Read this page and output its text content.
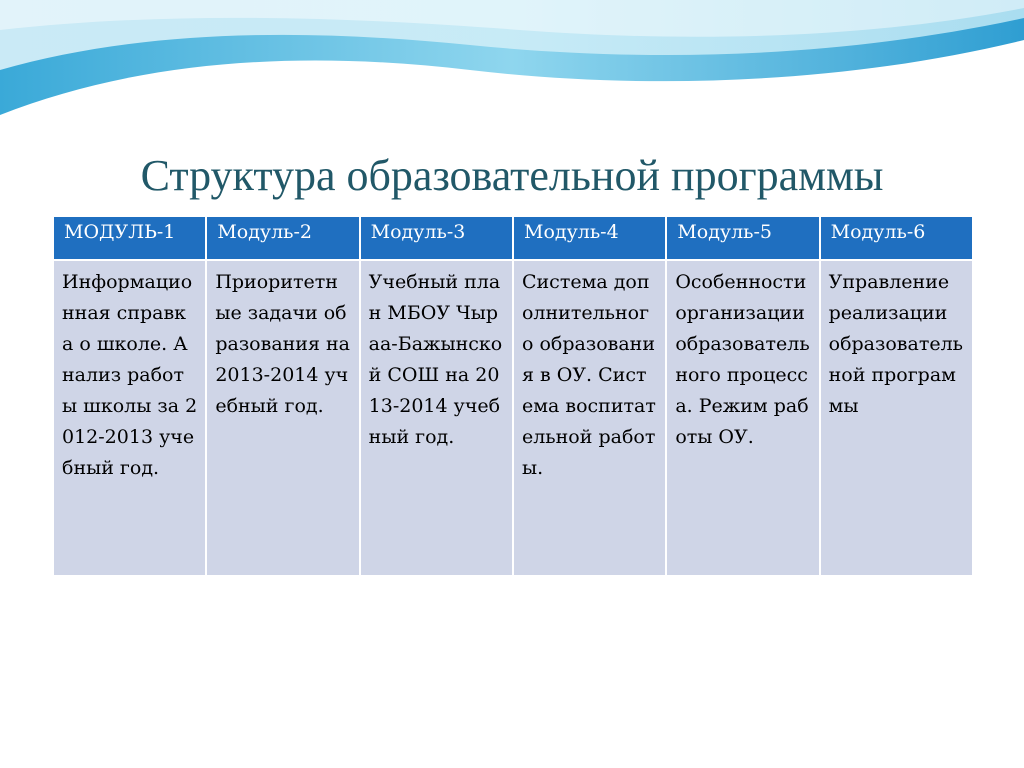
Структура образовательной программы
МОДУЛЬ-1	Модуль-2	Модуль-3	Модуль-4	Модуль-5	Модуль-6
Информационная справка о школе. Анализ работы школы за 2012-2013 учебный год.	Приоритетные задачи образования на 2013-2014 учебный год.	Учебный план МБОУ Чыраа-Бажынской СОШ на 2013-2014 учебный год.	Система дополнительного образования в ОУ. Система воспитательной работы.	Особенности организации образовательного процесса. Режим работы ОУ.	Управление реализации образовательной программы
